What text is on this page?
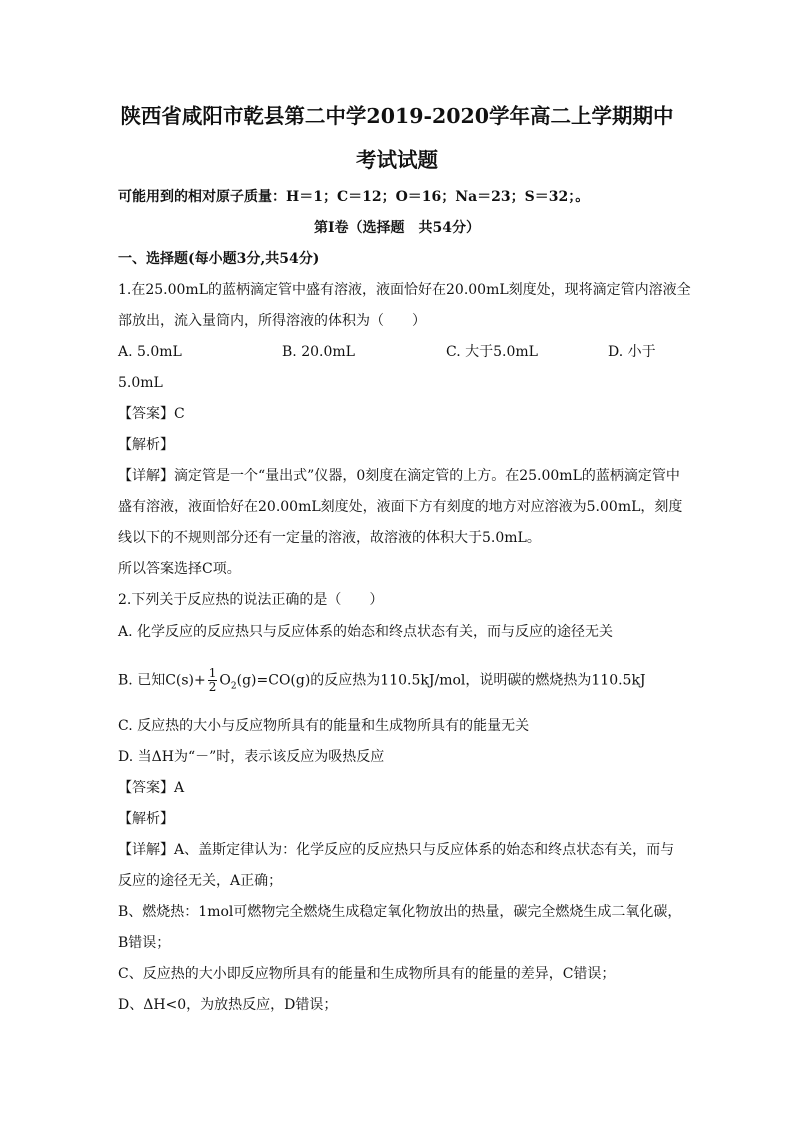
陕西省咸阳市乾县第二中学2019-2020学年高二上学期期中
考试试题
可能用到的相对原子质量：H＝1；C＝12；O＝16；Na＝23；S＝32；。
第Ⅰ卷（选择题　共54分）
一、选择题(每小题3分,共54分)
1.在25.00mL的蓝柄滴定管中盛有溶液，液面恰好在20.00mL刻度处，现将滴定管内溶液全
部放出，流入量筒内，所得溶液的体积为（　　）
A. 5.0mL	B. 20.0mL	C. 大于5.0mL	D. 小于
5.0mL
【答案】C
【解析】
【详解】滴定管是一个“量出式”仪器，0刻度在滴定管的上方。在25.00mL的蓝柄滴定管中
盛有溶液，液面恰好在20.00mL刻度处，液面下方有刻度的地方对应溶液为5.00mL，刻度
线以下的不规则部分还有一定量的溶液，故溶液的体积大于5.0mL。
所以答案选择C项。
2.下列关于反应热的说法正确的是（　　）
A. 化学反应的反应热只与反应体系的始态和终点状态有关，而与反应的途径无关
B. 已知$C(s)+ \frac{1}{2} O_2(g)=CO(g)$的反应热为110.5kJ/mol，说明碳的燃烧热为110.5kJ
C. 反应热的大小与反应物所具有的能量和生成物所具有的能量无关
D. 当ΔH为“－”时，表示该反应为吸热反应
【答案】A
【解析】
【详解】A、盖斯定律认为：化学反应的反应热只与反应体系的始态和终点状态有关，而与
反应的途径无关，A正确；
B、燃烧热：1mol可燃物完全燃烧生成稳定氧化物放出的热量，碳完全燃烧生成二氧化碳，
B错误；
C、反应热的大小即反应物所具有的能量和生成物所具有的能量的差异，C错误；
D、ΔH<0，为放热反应，D错误；
